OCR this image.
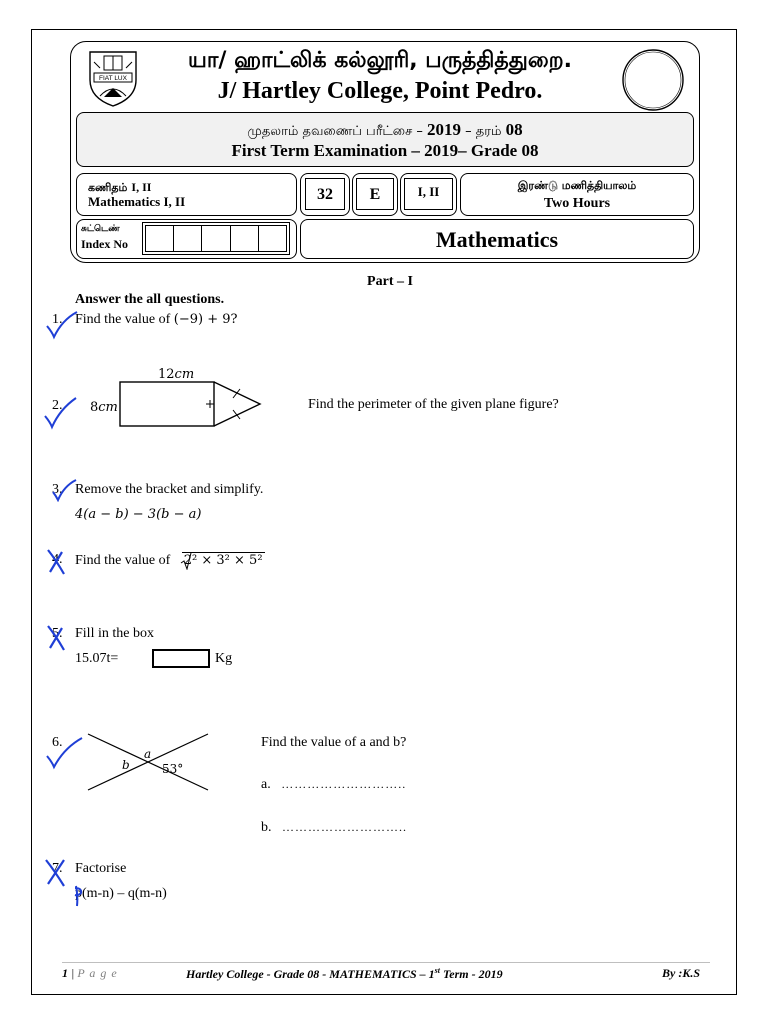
FIAT LUX
யா/ ஹாட்லிக் கல்லூரி, பருத்தித்துறை.
J/ Hartley College, Point Pedro.
முதலாம் தவணைப் பரீட்சை – 2019 – தரம் 08
First Term Examination – 2019– Grade 08
கணிதம் I, II
Mathematics I, II	32	E	I, II	இரண்டு மணித்தியாலம்
Two Hours
சுட்டெண்
Index No	Mathematics
Part – I
Answer the all questions.
1. Find the value of (−9) + 9?
2.
12cm
8cm	Find the perimeter of the given plane figure?
3. Remove the bracket and simplify.
4(a − b) − 3(b − a)
4. Find the value of 2² × 3² × 5²
5. Fill in the box
15.07t=	Kg
6.
a
b	53°
Find the value of a and b?
a. ………………………..
b. ………………………..
7. Factorise
p(m-n) – q(m-n)
1 | P a g e	Hartley College - Grade 08 - MATHEMATICS – 1st Term - 2019	By :K.S
